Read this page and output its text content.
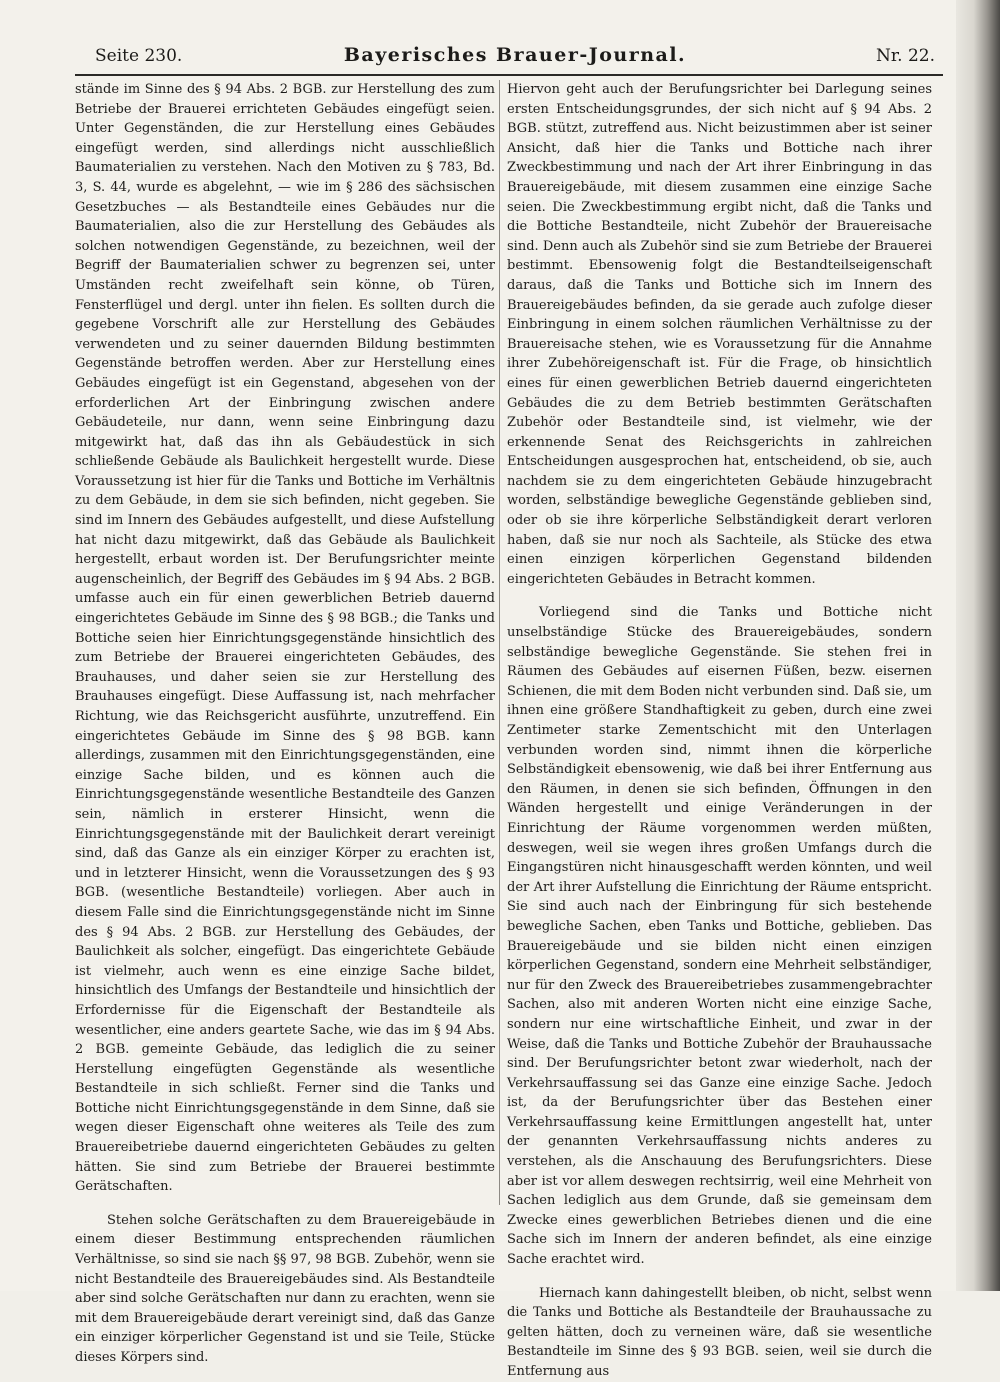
Seite 230.	Bayerisches Brauer-Journal.	Nr. 22.

stände im Sinne des § 94 Abs. 2 BGB. zur Herstellung des zum Betriebe der Brauerei errichteten Gebäudes eingefügt seien. Unter Gegenständen, die zur Herstellung eines Gebäudes eingefügt werden, sind allerdings nicht ausschließlich Baumaterialien zu verstehen. Nach den Motiven zu § 783, Bd. 3, S. 44, wurde es abgelehnt, — wie im § 286 des sächsischen Gesetzbuches — als Bestandteile eines Gebäudes nur die Baumaterialien, also die zur Herstellung des Gebäudes als solchen notwendigen Gegenstände, zu bezeichnen, weil der Begriff der Baumaterialien schwer zu begrenzen sei, unter Umständen recht zweifelhaft sein könne, ob Türen, Fensterflügel und dergl. unter ihn fielen. Es sollten durch die gegebene Vorschrift alle zur Herstellung des Gebäudes verwendeten und zu seiner dauernden Bildung bestimmten Gegenstände betroffen werden. Aber zur Herstellung eines Gebäudes eingefügt ist ein Gegenstand, abgesehen von der erforderlichen Art der Einbringung zwischen andere Gebäudeteile, nur dann, wenn seine Einbringung dazu mitgewirkt hat, daß das ihn als Gebäudestück in sich schließende Gebäude als Baulichkeit hergestellt wurde. Diese Voraussetzung ist hier für die Tanks und Bottiche im Verhältnis zu dem Gebäude, in dem sie sich befinden, nicht gegeben. Sie sind im Innern des Gebäudes aufgestellt, und diese Aufstellung hat nicht dazu mitgewirkt, daß das Gebäude als Baulichkeit hergestellt, erbaut worden ist. Der Berufungsrichter meinte augenscheinlich, der Begriff des Gebäudes im § 94 Abs. 2 BGB. umfasse auch ein für einen gewerblichen Betrieb dauernd eingerichtetes Gebäude im Sinne des § 98 BGB.; die Tanks und Bottiche seien hier Einrichtungsgegenstände hinsichtlich des zum Betriebe der Brauerei eingerichteten Gebäudes, des Brauhauses, und daher seien sie zur Herstellung des Brauhauses eingefügt. Diese Auffassung ist, nach mehrfacher Richtung, wie das Reichsgericht ausführte, unzutreffend. Ein eingerichtetes Gebäude im Sinne des § 98 BGB. kann allerdings, zusammen mit den Einrichtungsgegenständen, eine einzige Sache bilden, und es können auch die Einrichtungsgegenstände wesentliche Bestandteile des Ganzen sein, nämlich in ersterer Hinsicht, wenn die Einrichtungsgegenstände mit der Baulichkeit derart vereinigt sind, daß das Ganze als ein einziger Körper zu erachten ist, und in letzterer Hinsicht, wenn die Voraussetzungen des § 93 BGB. (wesentliche Bestandteile) vorliegen. Aber auch in diesem Falle sind die Einrichtungsgegenstände nicht im Sinne des § 94 Abs. 2 BGB. zur Herstellung des Gebäudes, der Baulichkeit als solcher, eingefügt. Das eingerichtete Gebäude ist vielmehr, auch wenn es eine einzige Sache bildet, hinsichtlich des Umfangs der Bestandteile und hinsichtlich der Erfordernisse für die Eigenschaft der Bestandteile als wesentlicher, eine anders geartete Sache, wie das im § 94 Abs. 2 BGB. gemeinte Gebäude, das lediglich die zu seiner Herstellung eingefügten Gegenstände als wesentliche Bestandteile in sich schließt. Ferner sind die Tanks und Bottiche nicht Einrichtungsgegenstände in dem Sinne, daß sie wegen dieser Eigenschaft ohne weiteres als Teile des zum Brauereibetriebe dauernd eingerichteten Gebäudes zu gelten hätten. Sie sind zum Betriebe der Brauerei bestimmte Gerätschaften.

Stehen solche Gerätschaften zu dem Brauereigebäude in einem dieser Bestimmung entsprechenden räumlichen Verhältnisse, so sind sie nach §§ 97, 98 BGB. Zubehör, wenn sie nicht Bestandteile des Brauereigebäudes sind. Als Bestandteile aber sind solche Gerätschaften nur dann zu erachten, wenn sie mit dem Brauereigebäude derart vereinigt sind, daß das Ganze ein einziger körperlicher Gegenstand ist und sie Teile, Stücke dieses Körpers sind.

Hiervon geht auch der Berufungsrichter bei Darlegung seines ersten Entscheidungsgrundes, der sich nicht auf § 94 Abs. 2 BGB. stützt, zutreffend aus. Nicht beizustimmen aber ist seiner Ansicht, daß hier die Tanks und Bottiche nach ihrer Zweckbestimmung und nach der Art ihrer Einbringung in das Brauereigebäude, mit diesem zusammen eine einzige Sache seien. Die Zweckbestimmung ergibt nicht, daß die Tanks und die Bottiche Bestandteile, nicht Zubehör der Brauereisache sind. Denn auch als Zubehör sind sie zum Betriebe der Brauerei bestimmt. Ebensowenig folgt die Bestandteilseigenschaft daraus, daß die Tanks und Bottiche sich im Innern des Brauereigebäudes befinden, da sie gerade auch zufolge dieser Einbringung in einem solchen räumlichen Verhältnisse zu der Brauereisache stehen, wie es Voraussetzung für die Annahme ihrer Zubehöreigenschaft ist. Für die Frage, ob hinsichtlich eines für einen gewerblichen Betrieb dauernd eingerichteten Gebäudes die zu dem Betrieb bestimmten Gerätschaften Zubehör oder Bestandteile sind, ist vielmehr, wie der erkennende Senat des Reichsgerichts in zahlreichen Entscheidungen ausgesprochen hat, entscheidend, ob sie, auch nachdem sie zu dem eingerichteten Gebäude hinzugebracht worden, selbständige bewegliche Gegenstände geblieben sind, oder ob sie ihre körperliche Selbständigkeit derart verloren haben, daß sie nur noch als Sachteile, als Stücke des etwa einen einzigen körperlichen Gegenstand bildenden eingerichteten Gebäudes in Betracht kommen.

Vorliegend sind die Tanks und Bottiche nicht unselbständige Stücke des Brauereigebäudes, sondern selbständige bewegliche Gegenstände. Sie stehen frei in Räumen des Gebäudes auf eisernen Füßen, bezw. eisernen Schienen, die mit dem Boden nicht verbunden sind. Daß sie, um ihnen eine größere Standhaftigkeit zu geben, durch eine zwei Zentimeter starke Zementschicht mit den Unterlagen verbunden worden sind, nimmt ihnen die körperliche Selbständigkeit ebensowenig, wie daß bei ihrer Entfernung aus den Räumen, in denen sie sich befinden, Öffnungen in den Wänden hergestellt und einige Veränderungen in der Einrichtung der Räume vorgenommen werden müßten, deswegen, weil sie wegen ihres großen Umfangs durch die Eingangstüren nicht hinausgeschafft werden könnten, und weil der Art ihrer Aufstellung die Einrichtung der Räume entspricht. Sie sind auch nach der Einbringung für sich bestehende bewegliche Sachen, eben Tanks und Bottiche, geblieben. Das Brauereigebäude und sie bilden nicht einen einzigen körperlichen Gegenstand, sondern eine Mehrheit selbständiger, nur für den Zweck des Brauereibetriebes zusammengebrachter Sachen, also mit anderen Worten nicht eine einzige Sache, sondern nur eine wirtschaftliche Einheit, und zwar in der Weise, daß die Tanks und Bottiche Zubehör der Brauhaussache sind. Der Berufungsrichter betont zwar wiederholt, nach der Verkehrsauffassung sei das Ganze eine einzige Sache. Jedoch ist, da der Berufungsrichter über das Bestehen einer Verkehrsauffassung keine Ermittlungen angestellt hat, unter der genannten Verkehrsauffassung nichts anderes zu verstehen, als die Anschauung des Berufungsrichters. Diese aber ist vor allem deswegen rechtsirrig, weil eine Mehrheit von Sachen lediglich aus dem Grunde, daß sie gemeinsam dem Zwecke eines gewerblichen Betriebes dienen und die eine Sache sich im Innern der anderen befindet, als eine einzige Sache erachtet wird.

Hiernach kann dahingestellt bleiben, ob nicht, selbst wenn die Tanks und Bottiche als Bestandteile der Brauhaussache zu gelten hätten, doch zu verneinen wäre, daß sie wesentliche Bestandteile im Sinne des § 93 BGB. seien, weil sie durch die Entfernung aus
